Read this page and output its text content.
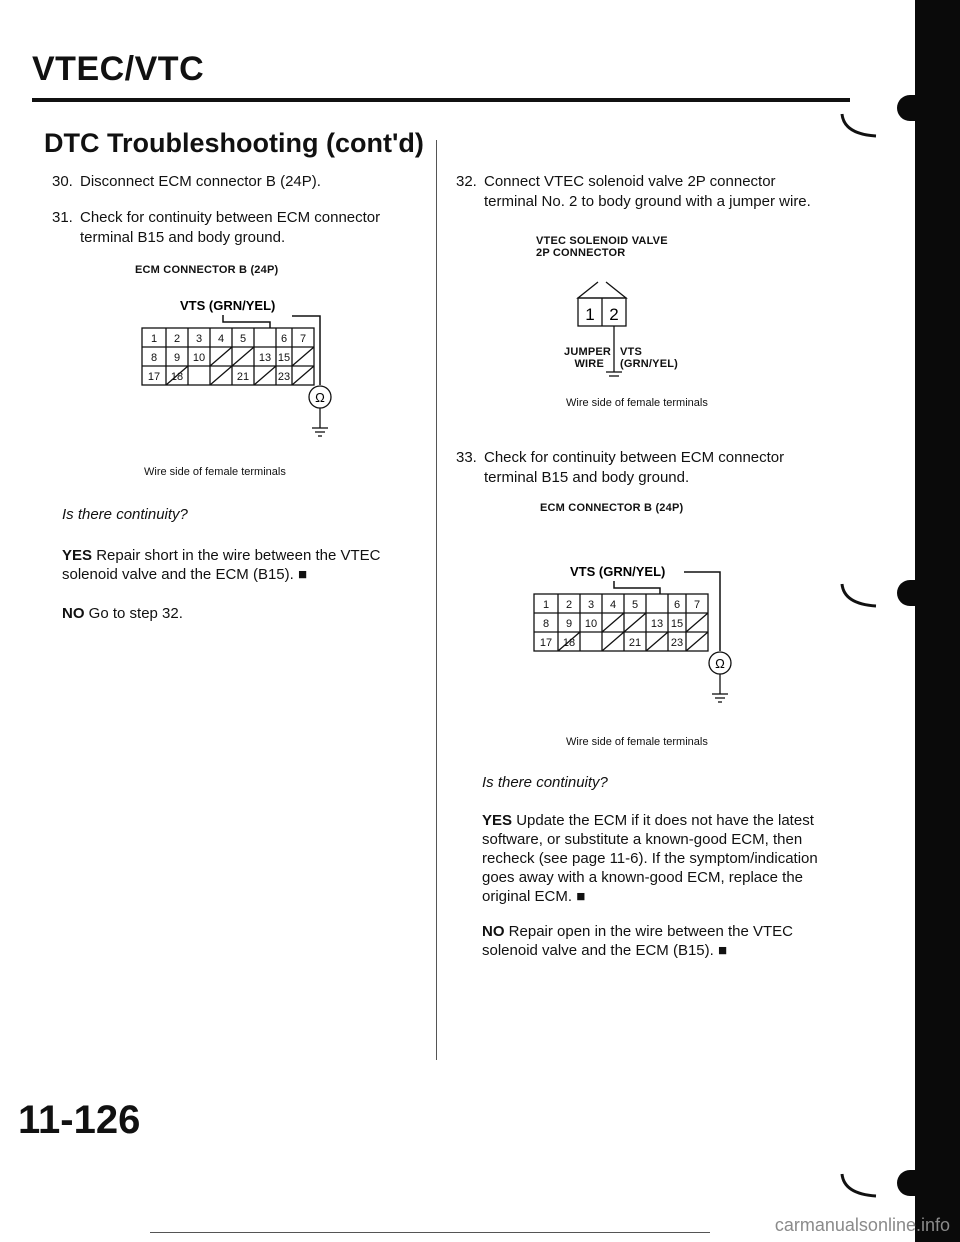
VTEC/VTC
DTC Troubleshooting (cont'd)
30. Disconnect ECM connector B (24P).
31. Check for continuity between ECM connector
terminal B15 and body ground.
ECM CONNECTOR B (24P)
VTS (GRN/YEL)
1 2 3 4 5	6 7
8 9 10	13 15
17 18	21	23
Ω
Wire side of female terminals
Is there continuity?
YES Repair short in the wire between the VTEC
solenoid valve and the ECM (B15). ■
NO Go to step 32.
32. Connect VTEC solenoid valve 2P connector
terminal No. 2 to body ground with a jumper wire.
VTEC SOLENOID VALVE
2P CONNECTOR
1 2
JUMPER
WIRE
VTS
(GRN/YEL)
Wire side of female terminals
33. Check for continuity between ECM connector
terminal B15 and body ground.
ECM CONNECTOR B (24P)
VTS (GRN/YEL)
1 2 3 4 5	6 7
8 9 10	13 15
17 18	21	23
Ω
Wire side of female terminals
Is there continuity?
YES Update the ECM if it does not have the latest
software, or substitute a known-good ECM, then
recheck (see page 11-6). If the symptom/indication
goes away with a known-good ECM, replace the
original ECM. ■
NO Repair open in the wire between the VTEC
solenoid valve and the ECM (B15). ■
11-126
carmanualsonline.info
